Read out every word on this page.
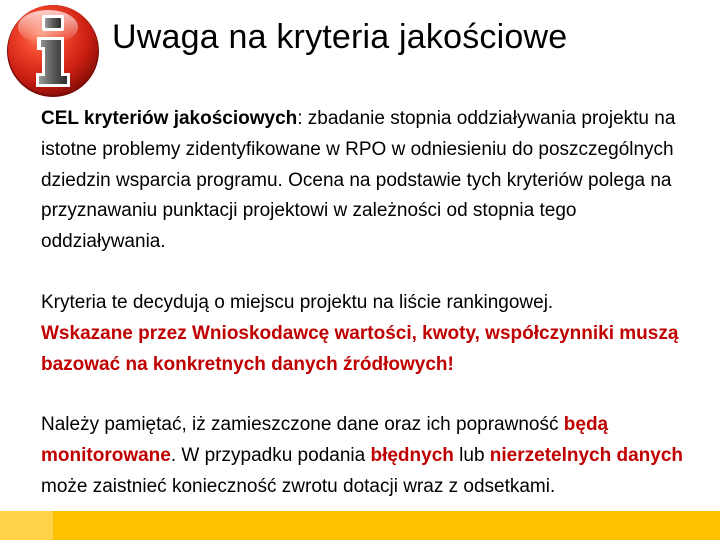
Uwaga na kryteria jakościowe

CEL kryteriów jakościowych: zbadanie stopnia oddziaływania projektu na istotne problemy zidentyfikowane w RPO w odniesieniu do poszczególnych dziedzin wsparcia programu. Ocena na podstawie tych kryteriów polega na przyznawaniu punktacji projektowi w zależności od stopnia tego oddziaływania.

Kryteria te decydują o miejscu projektu na liście rankingowej.
Wskazane przez Wnioskodawcę wartości, kwoty, współczynniki muszą bazować na konkretnych danych źródłowych!

Należy pamiętać, iż zamieszczone dane oraz ich poprawność będą monitorowane. W przypadku podania błędnych lub nierzetelnych danych może zaistnieć konieczność zwrotu dotacji wraz z odsetkami.
